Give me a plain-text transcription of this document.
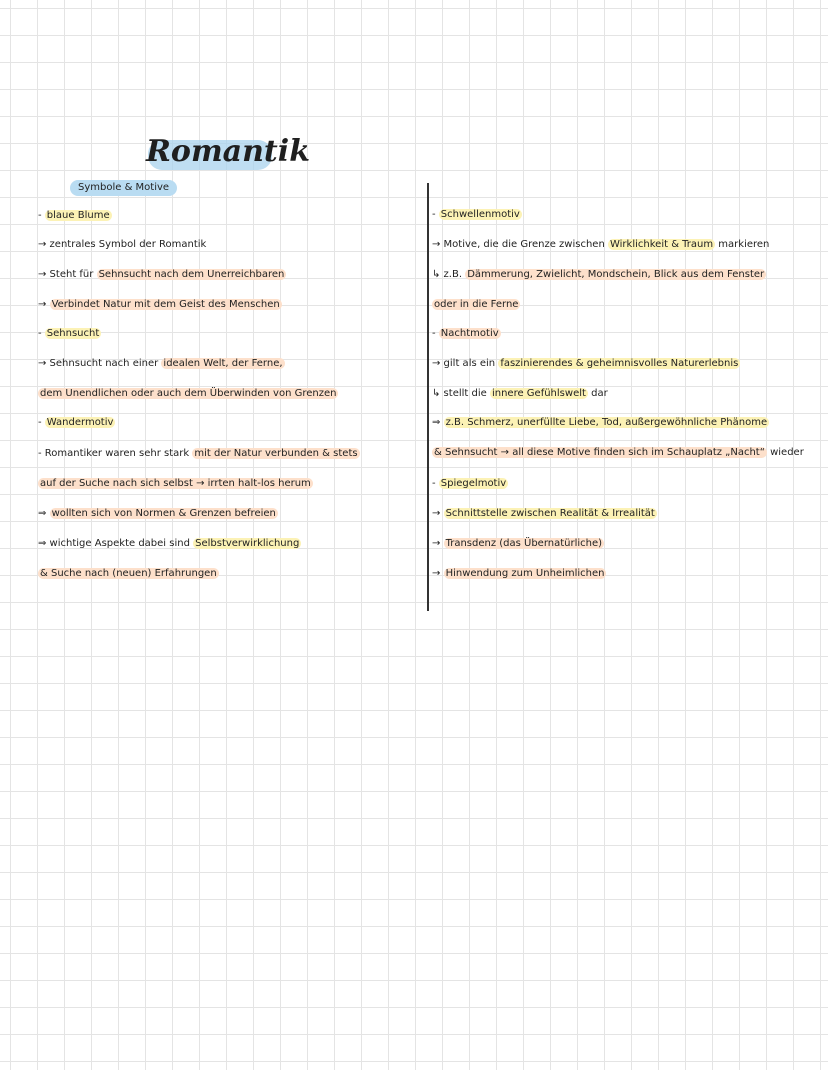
Romantik
Symbole & Motive
- blaue Blume
→ zentrales Symbol der Romantik
→ Steht für Sehnsucht nach dem Unerreichbaren
→ Verbindet Natur mit dem Geist des Menschen
- Sehnsucht
→ Sehnsucht nach einer idealen Welt, der Ferne,
dem Unendlichen oder auch dem Überwinden von Grenzen
- Wandermotiv
- Romantiker waren sehr stark mit der Natur verbunden & stets
auf der Suche nach sich selbst → irrten halt-los herum
⇒ wollten sich von Normen & Grenzen befreien
⇒ wichtige Aspekte dabei sind Selbstverwirklichung
& Suche nach (neuen) Erfahrungen
- Schwellenmotiv
→ Motive, die die Grenze zwischen Wirklichkeit & Traum markieren
↳ z.B. Dämmerung, Zwielicht, Mondschein, Blick aus dem Fenster
oder in die Ferne
- Nachtmotiv
→ gilt als ein faszinierendes & geheimnisvolles Naturerlebnis
↳ stellt die innere Gefühlswelt dar
⇒ z.B. Schmerz, unerfüllte Liebe, Tod, außergewöhnliche Phänome
& Sehnsucht → all diese Motive finden sich im Schauplatz „Nacht“ wieder
- Spiegelmotiv
→ Schnittstelle zwischen Realität & Irrealität
→ Transdenz (das Übernatürliche)
→ Hinwendung zum Unheimlichen
